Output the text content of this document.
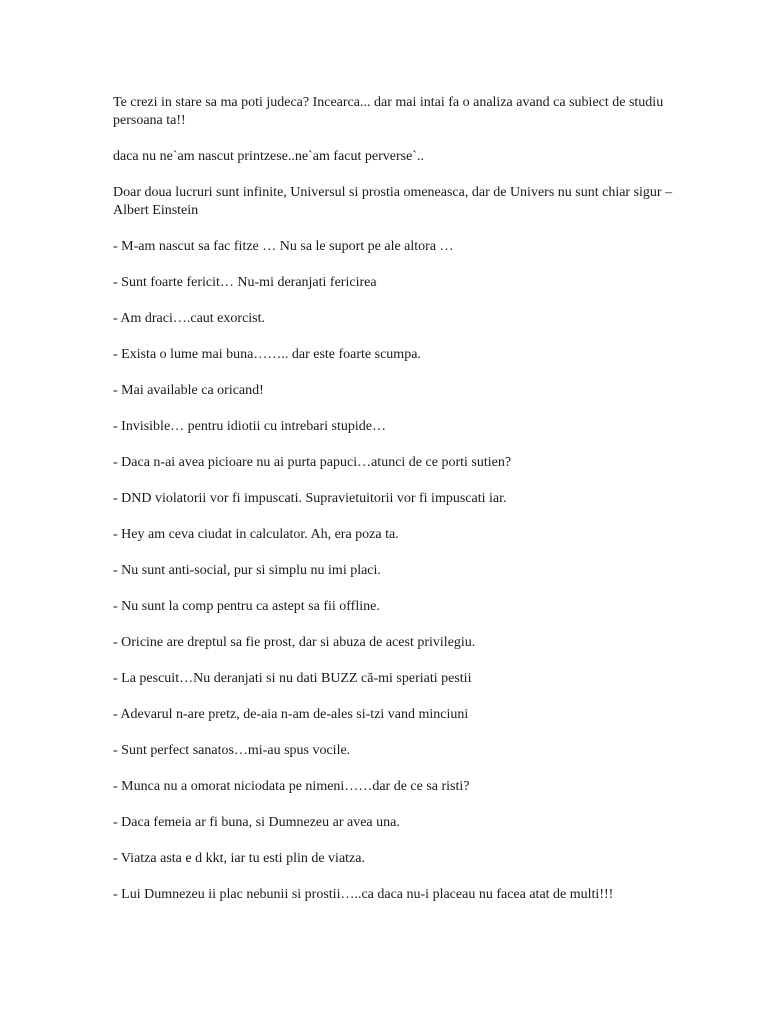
Te crezi in stare sa ma poti judeca? Incearca... dar mai intai fa o analiza avand ca subiect de studiu persoana ta!!

daca nu ne`am nascut printzese..ne`am facut perverse`..

Doar doua lucruri sunt infinite, Universul si prostia omeneasca, dar de Univers nu sunt chiar sigur – Albert Einstein

- M-am nascut sa fac fitze … Nu sa le suport pe ale altora …

- Sunt foarte fericit… Nu-mi deranjati fericirea

- Am draci….caut exorcist.

- Exista o lume mai buna…….. dar este foarte scumpa.

- Mai available ca oricand!

- Invisible… pentru idiotii cu intrebari stupide…

- Daca n-ai avea picioare nu ai purta papuci…atunci de ce porti sutien?

- DND violatorii vor fi impuscati. Supravietuitorii vor fi impuscati iar.

- Hey am ceva ciudat in calculator. Ah, era poza ta.

- Nu sunt anti-social, pur si simplu nu imi placi.

- Nu sunt la comp pentru ca astept sa fii offline.

- Oricine are dreptul sa fie prost, dar si abuza de acest privilegiu.

- La pescuit…Nu deranjati si nu dati BUZZ că-mi speriati pestii

- Adevarul n-are pretz, de-aia n-am de-ales si-tzi vand minciuni

- Sunt perfect sanatos…mi-au spus vocile.

- Munca nu a omorat niciodata pe nimeni……dar de ce sa risti?

- Daca femeia ar fi buna, si Dumnezeu ar avea una.

- Viatza asta e d kkt, iar tu esti plin de viatza.

- Lui Dumnezeu ii plac nebunii si prostii…..ca daca nu-i placeau nu facea atat de multi!!!
